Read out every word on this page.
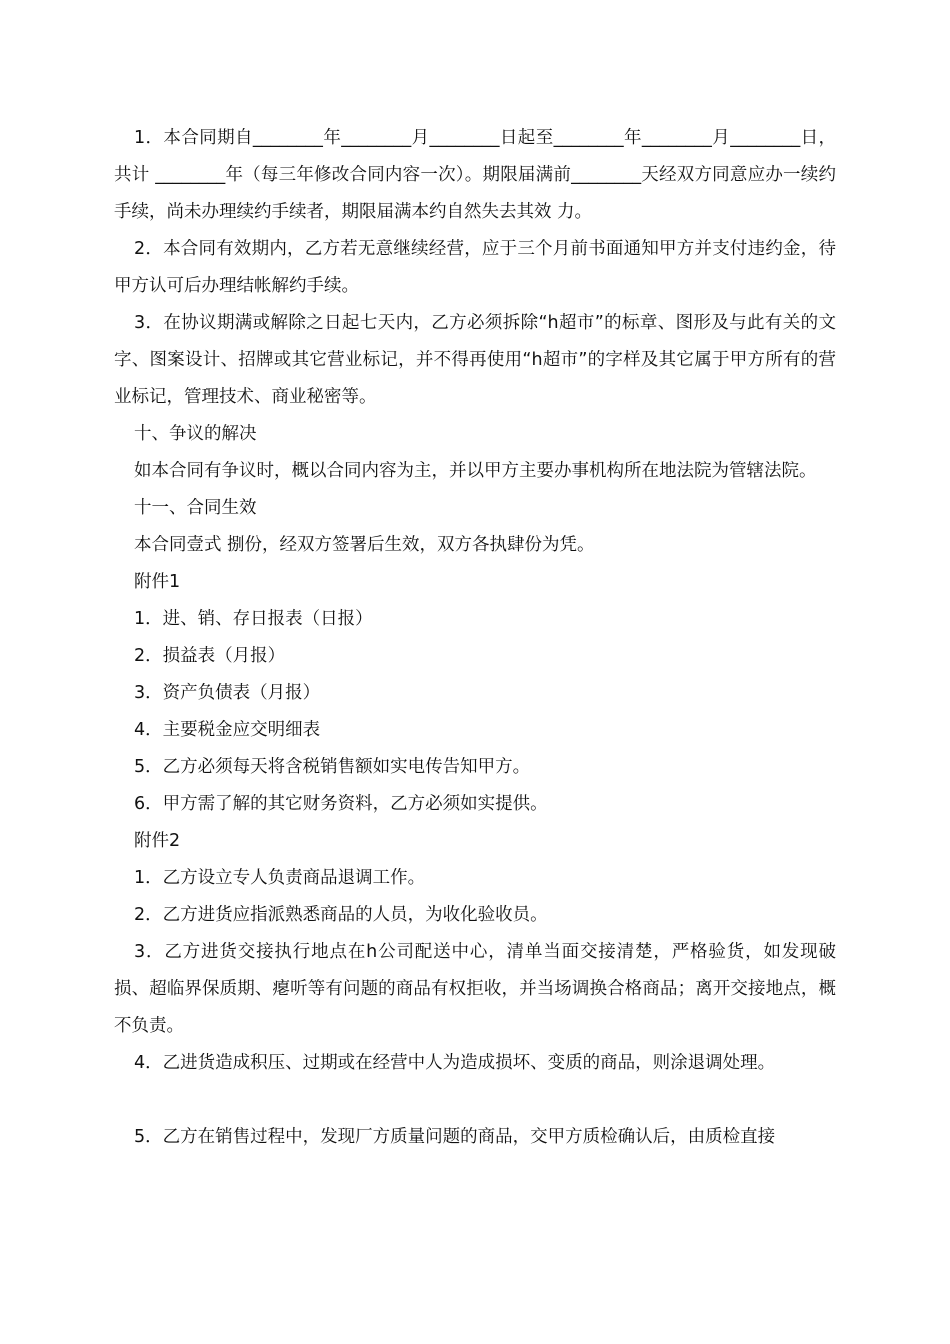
1．本合同期自________年________月________日起至________年________月________日，共计 ________年（每三年修改合同内容一次）。期限届满前________天经双方同意应办一续约手续，尚未办理续约手续者，期限届满本约自然失去其效 力。

2．本合同有效期内，乙方若无意继续经营，应于三个月前书面通知甲方并支付违约金，待甲方认可后办理结帐解约手续。

3．在协议期满或解除之日起七天内，乙方必须拆除“h超市”的标章、图形及与此有关的文字、图案设计、招牌或其它营业标记，并不得再使用“h超市”的字样及其它属于甲方所有的营业标记，管理技术、商业秘密等。

十、争议的解决

如本合同有争议时，概以合同内容为主，并以甲方主要办事机构所在地法院为管辖法院。

十一、合同生效

本合同壹式 捌份，经双方签署后生效，双方各执肆份为凭。

附件1

1．进、销、存日报表（日报）

2．损益表（月报）

3．资产负债表（月报）

4．主要税金应交明细表

5．乙方必须每天将含税销售额如实电传告知甲方。

6．甲方需了解的其它财务资料，乙方必须如实提供。

附件2

1．乙方设立专人负责商品退调工作。

2．乙方进货应指派熟悉商品的人员，为收化验收员。

3．乙方进货交接执行地点在h公司配送中心，清单当面交接清楚，严格验货，如发现破损、超临界保质期、瘪听等有问题的商品有权拒收，并当场调换合格商品；离开交接地点，概不负责。

4．乙进货造成积压、过期或在经营中人为造成损坏、变质的商品，则涂退调处理。

5．乙方在销售过程中，发现厂方质量问题的商品，交甲方质检确认后，由质检直接
